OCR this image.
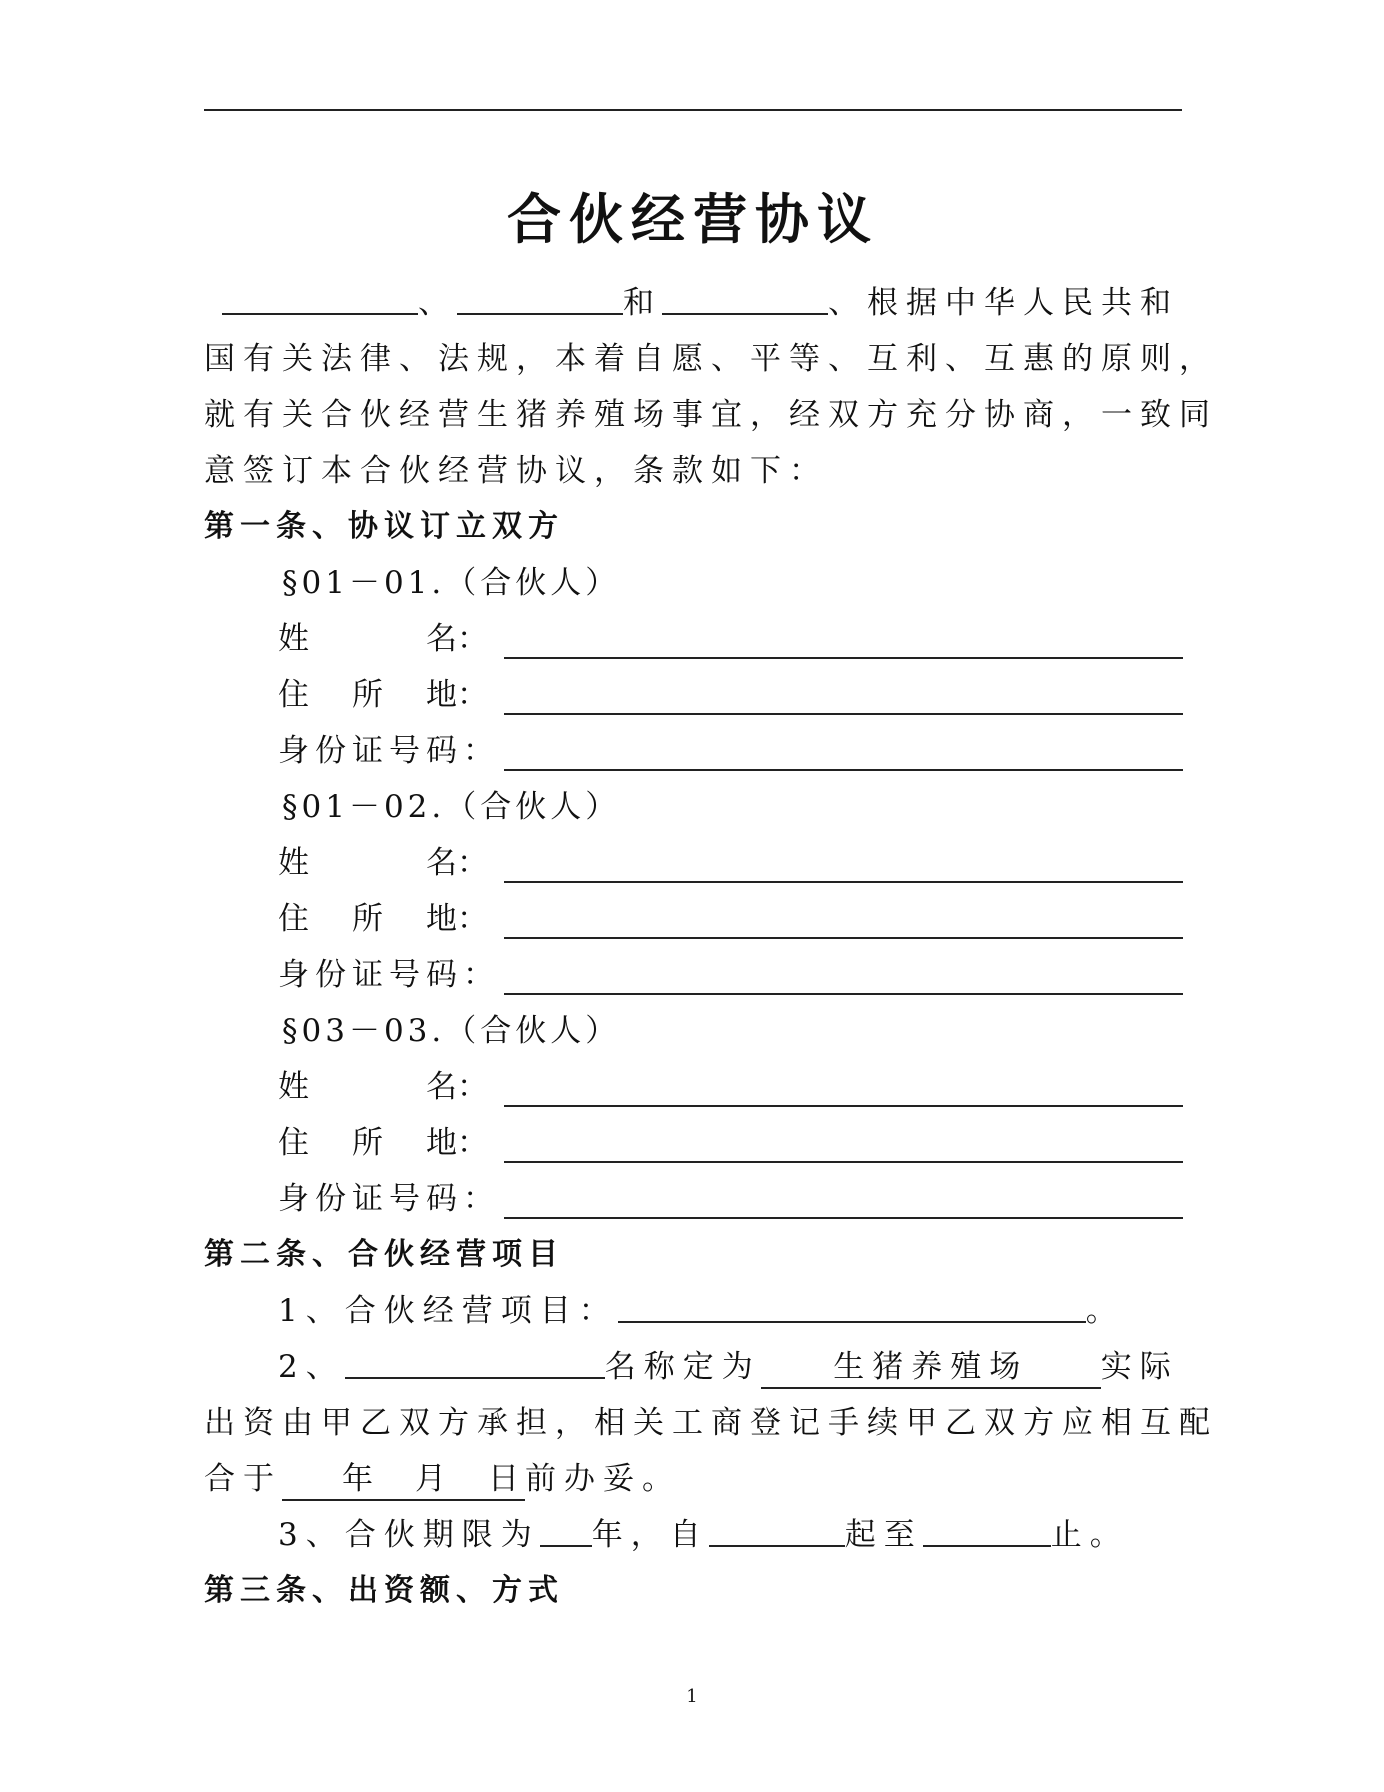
合伙经营协议
、	和	、根据中华人民共和
国有关法律、法规，本着自愿、平等、互利、互惠的原则，
就有关合伙经营生猪养殖场事宜，经双方充分协商，一致同
意签订本合伙经营协议，条款如下：
第一条、协议订立双方
§01－01.（合伙人）
姓	名：
住 所 地：
身份证号码：
§01－02.（合伙人）
姓	名：
住 所 地：
身份证号码：
§03－03.（合伙人）
姓	名：
住 所 地：
身份证号码：
第二条、合伙经营项目
1、合伙经营项目：	。
2、	名称定为 生猪养殖场 实际
出资由甲乙双方承担，相关工商登记手续甲乙双方应相互配
合于 年 月 日 前办妥。
3、合伙期限为 年，自	起至	止。
第三条、出资额、方式
1
